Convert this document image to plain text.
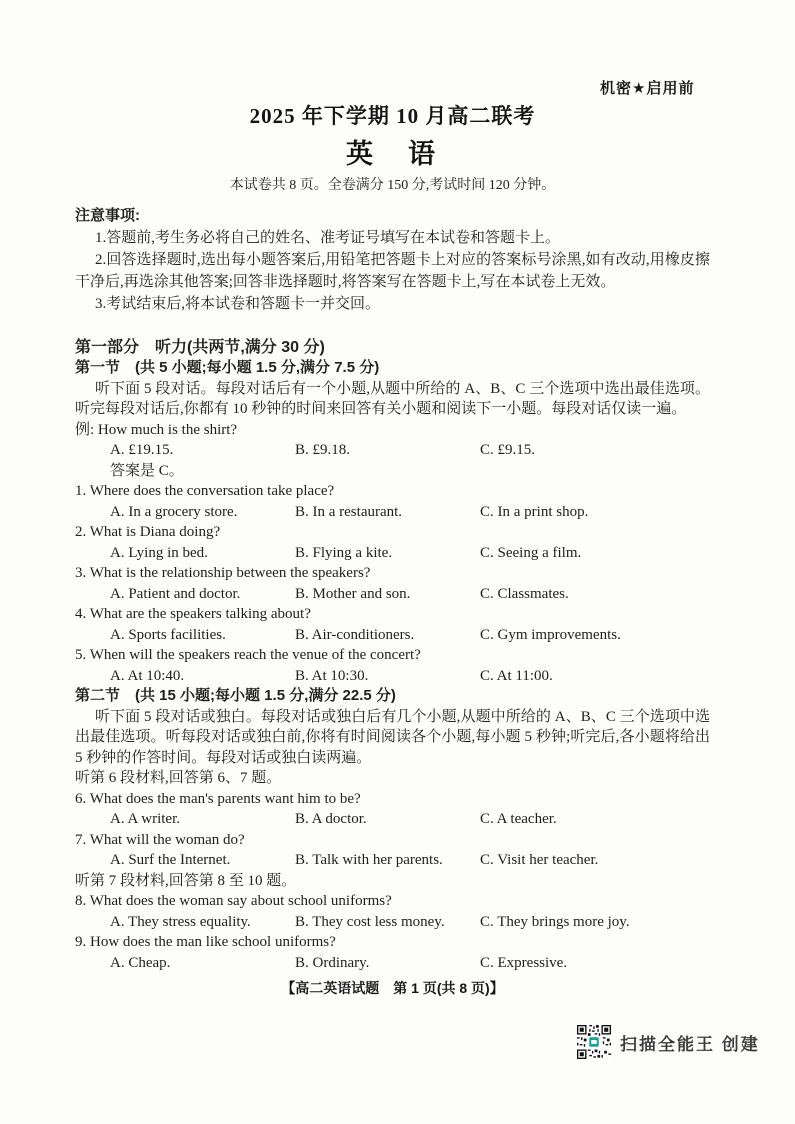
机密★启用前
2025 年下学期 10 月高二联考
英　语
本试卷共 8 页。全卷满分 150 分,考试时间 120 分钟。
注意事项:

1.答题前,考生务必将自己的姓名、准考证号填写在本试卷和答题卡上。

2.回答选择题时,选出每小题答案后,用铅笔把答题卡上对应的答案标号涂黑,如有改动,用橡皮擦干净后,再选涂其他答案;回答非选择题时,将答案写在答题卡上,写在本试卷上无效。

3.考试结束后,将本试卷和答题卡一并交回。

第一部分　听力(共两节,满分 30 分)
第一节　(共 5 小题;每小题 1.5 分,满分 7.5 分)

听下面 5 段对话。每段对话后有一个小题,从题中所给的 A、B、C 三个选项中选出最佳选项。听完每段对话后,你都有 10 秒钟的时间来回答有关小题和阅读下一小题。每段对话仅读一遍。

例: How much is the shirt?
A. £19.15.	B. £9.18.	C. £9.15.
答案是 C。
1. Where does the conversation take place?
A. In a grocery store.	B. In a restaurant.	C. In a print shop.
2. What is Diana doing?
A. Lying in bed.	B. Flying a kite.	C. Seeing a film.
3. What is the relationship between the speakers?
A. Patient and doctor.	B. Mother and son.	C. Classmates.
4. What are the speakers talking about?
A. Sports facilities.	B. Air-conditioners.	C. Gym improvements.
5. When will the speakers reach the venue of the concert?
A. At 10:40.	B. At 10:30.	C. At 11:00.
第二节　(共 15 小题;每小题 1.5 分,满分 22.5 分)

听下面 5 段对话或独白。每段对话或独白后有几个小题,从题中所给的 A、B、C 三个选项中选出最佳选项。听每段对话或独白前,你将有时间阅读各个小题,每小题 5 秒钟;听完后,各小题将给出 5 秒钟的作答时间。每段对话或独白读两遍。

听第 6 段材料,回答第 6、7 题。
6. What does the man's parents want him to be?
A. A writer.	B. A doctor.	C. A teacher.
7. What will the woman do?
A. Surf the Internet.	B. Talk with her parents.	C. Visit her teacher.
听第 7 段材料,回答第 8 至 10 题。
8. What does the woman say about school uniforms?
A. They stress equality.	B. They cost less money.	C. They brings more joy.
9. How does the man like school uniforms?
A. Cheap.	B. Ordinary.	C. Expressive.
【高二英语试题　第 1 页(共 8 页)】
扫描全能王 创建
